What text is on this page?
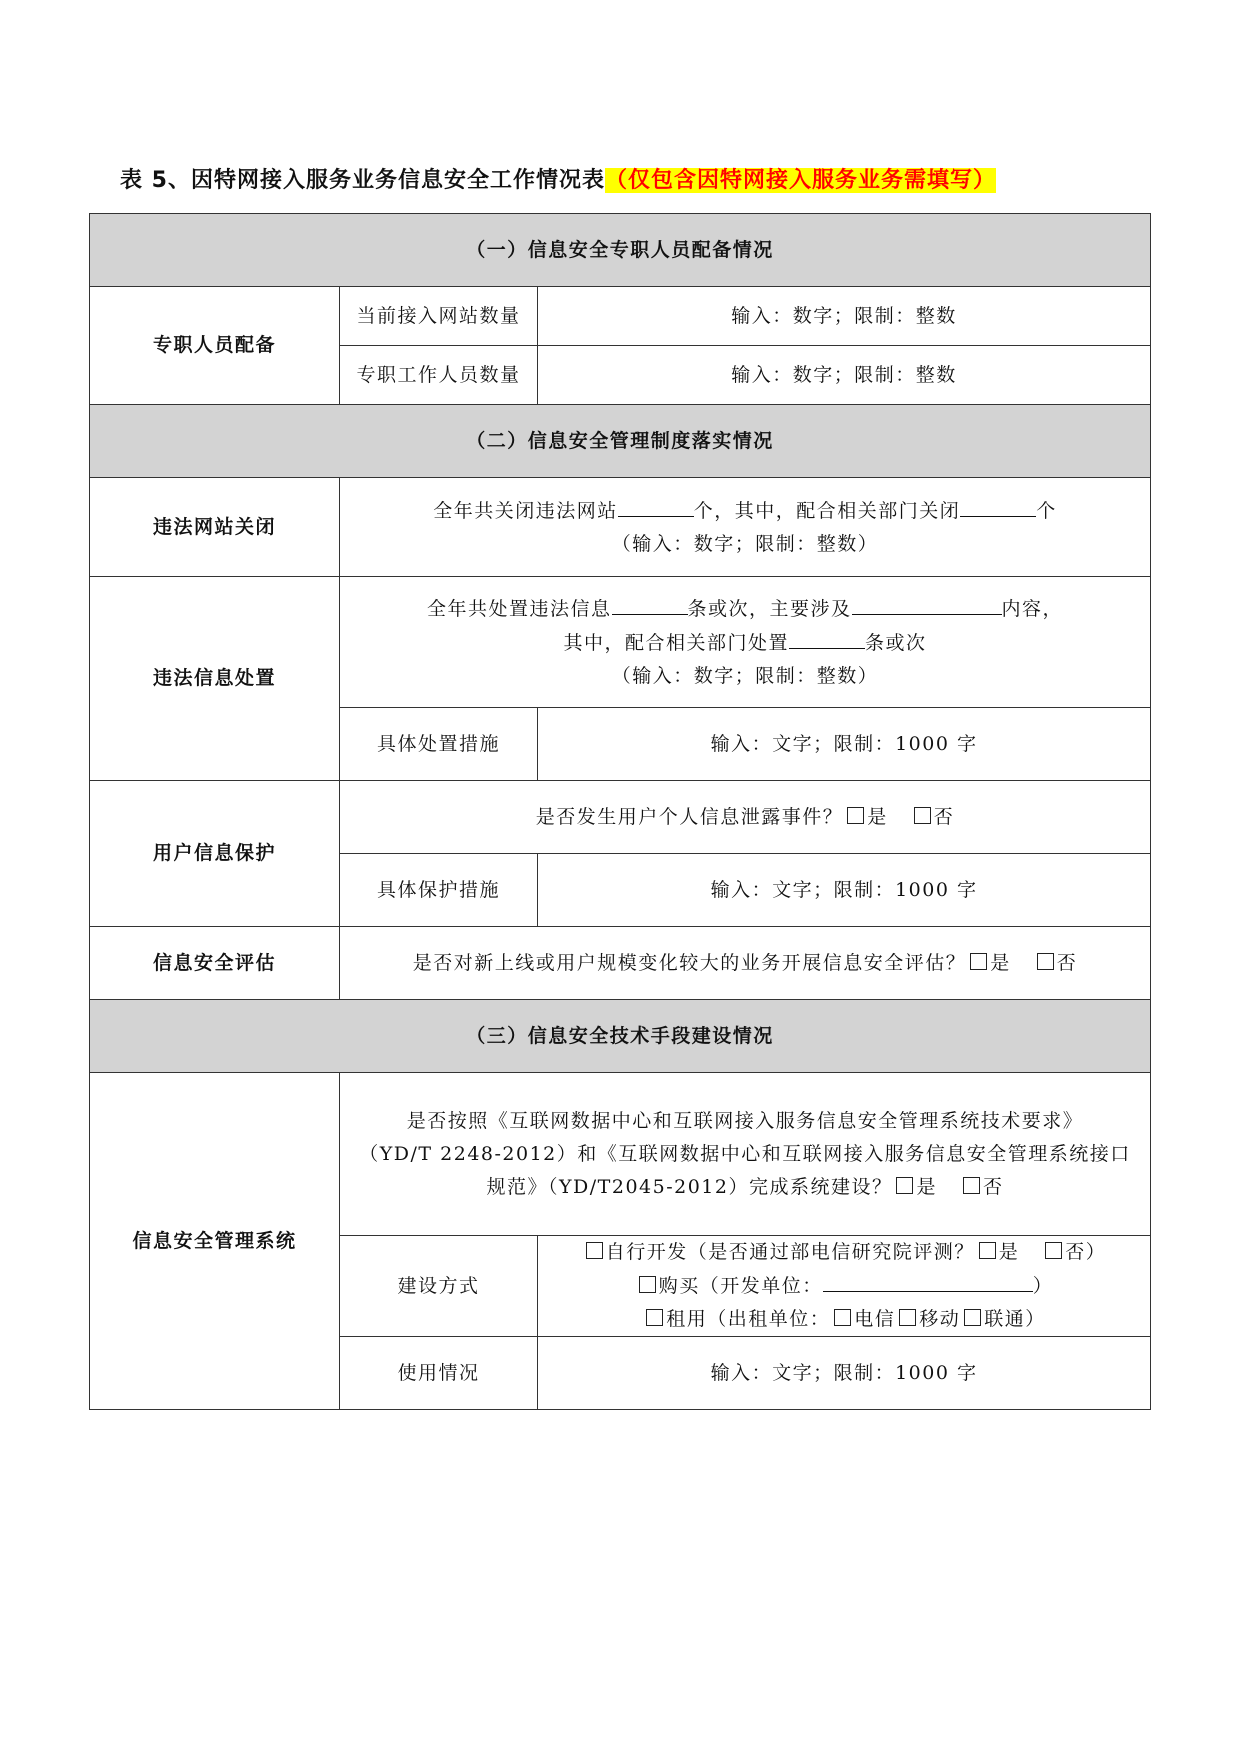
表 5、因特网接入服务业务信息安全工作情况表（仅包含因特网接入服务业务需填写）
（一）信息安全专职人员配备情况		
专职人员配备	当前接入网站数量	输入：数字；限制：整数
	专职工作人员数量	输入：数字；限制：整数
（二）信息安全管理制度落实情况		
违法网站关闭	全年共关闭违法网站 个，其中，配合相关部门关闭 个
（输入：数字；限制：整数）	

违法信息处置	全年共处置违法信息 条或次，主要涉及 内容，
其中，配合相关部门处置 条或次
（输入：数字；限制：整数）	

	具体处置措施	输入：文字；限制：1000 字
用户信息保护	是否发生用户个人信息泄露事件？ 是 否	
	具体保护措施	输入：文字；限制：1000 字
信息安全评估	是否对新上线或用户规模变化较大的业务开展信息安全评估？ 是 否	
（三）信息安全技术手段建设情况		
信息安全管理系统	是否按照《互联网数据中心和互联网接入服务信息安全管理系统技术要求》
（YD/T 2248-2012）和《互联网数据中心和互联网接入服务信息安全管理系统接口
规范》（YD/T2045-2012）完成系统建设？ 是 否	

	建设方式	自行开发（是否通过部电信研究院评测？ 是 否）
购买（开发单位： ）
租用（出租单位： 电信 移动 联通）

	使用情况	输入：文字；限制：1000 字
